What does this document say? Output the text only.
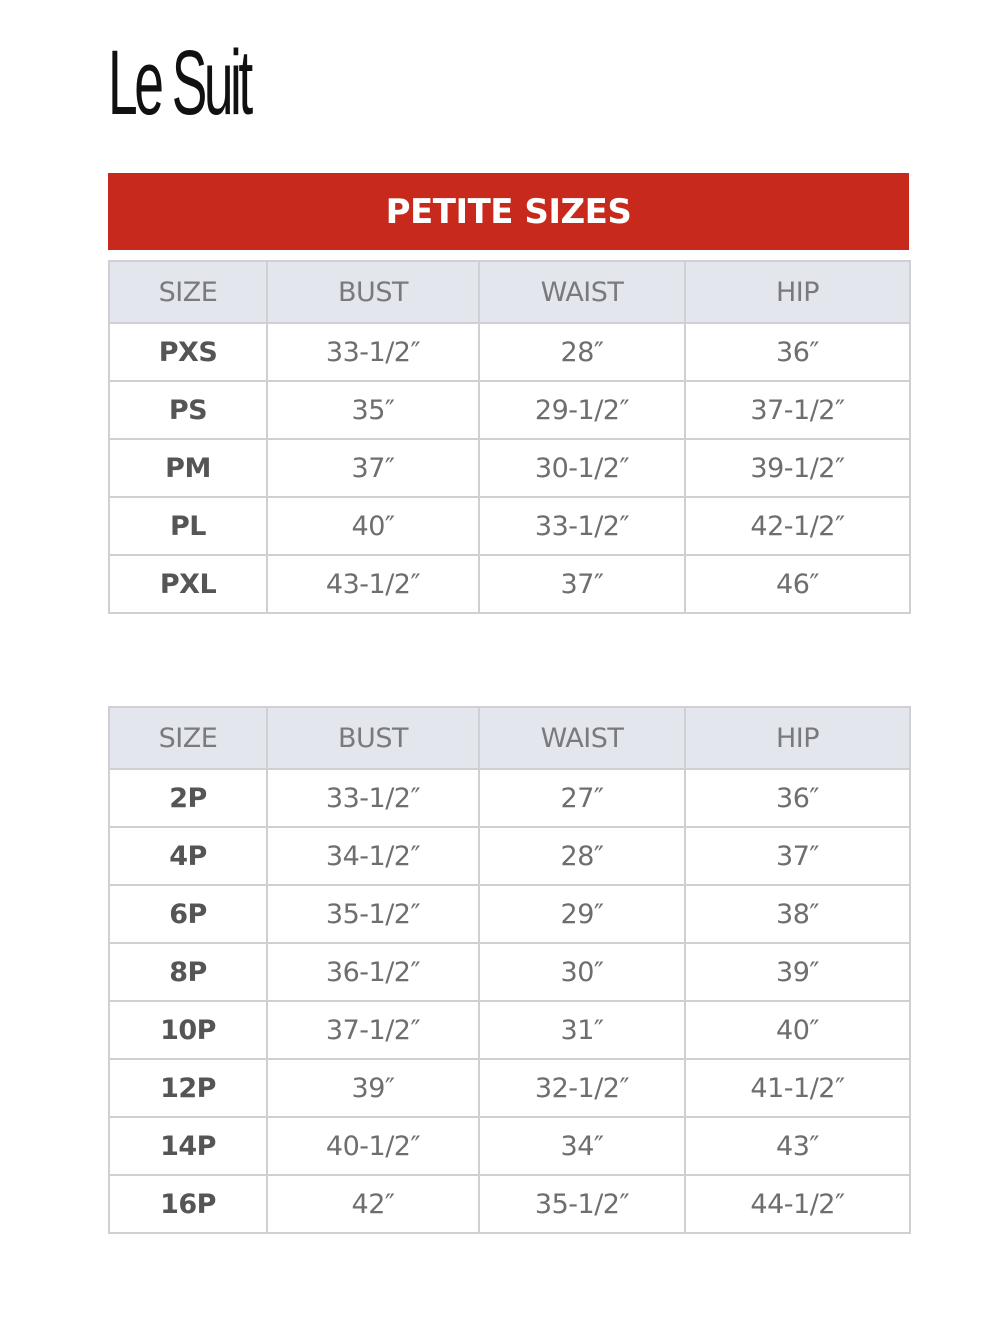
Le Suit
PETITE SIZES
SIZE	BUST	WAIST	HIP
PXS	33-1/2″	28″	36″
PS	35″	29-1/2″	37-1/2″
PM	37″	30-1/2″	39-1/2″
PL	40″	33-1/2″	42-1/2″
PXL	43-1/2″	37″	46″
SIZE	BUST	WAIST	HIP
2P	33-1/2″	27″	36″
4P	34-1/2″	28″	37″
6P	35-1/2″	29″	38″
8P	36-1/2″	30″	39″
10P	37-1/2″	31″	40″
12P	39″	32-1/2″	41-1/2″
14P	40-1/2″	34″	43″
16P	42″	35-1/2″	44-1/2″
